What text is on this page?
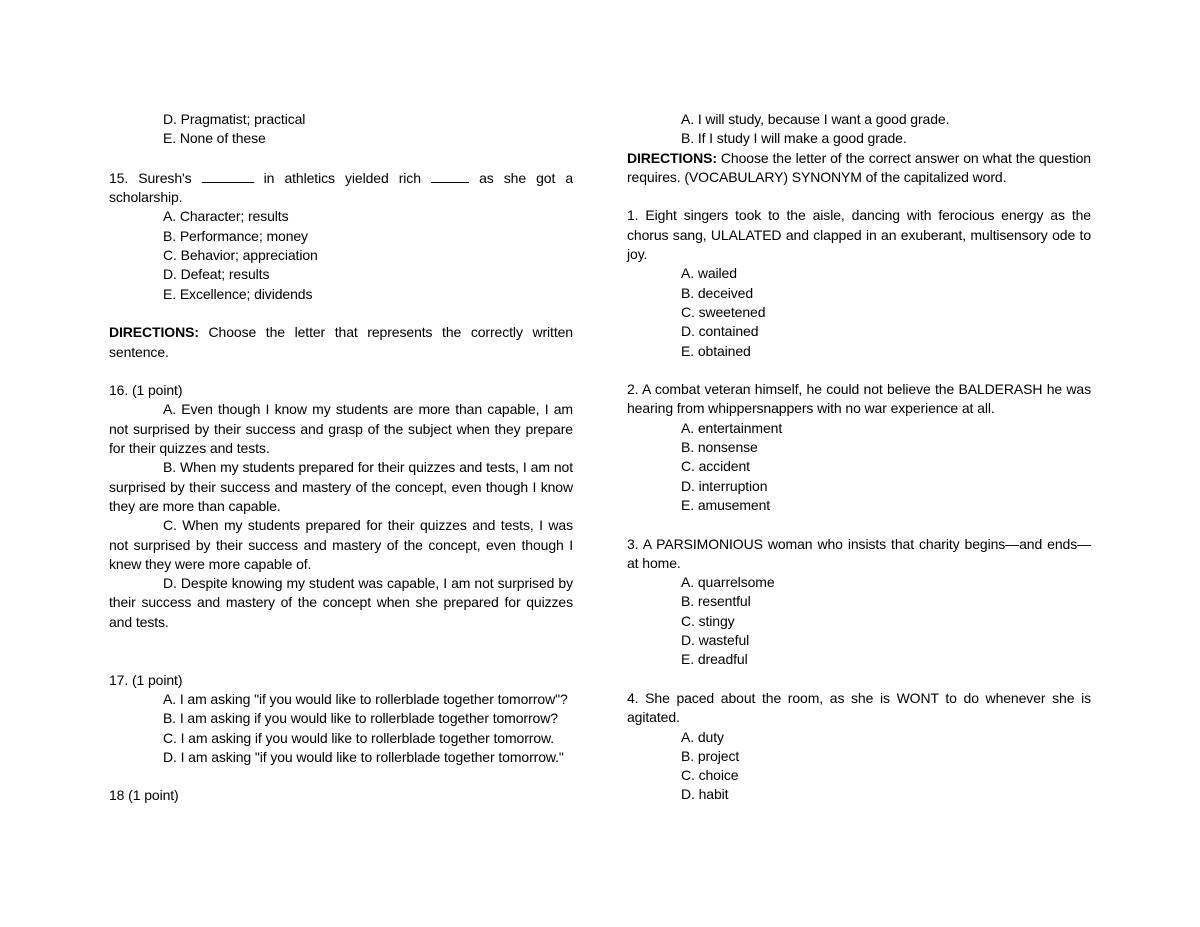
D. Pragmatist; practical
E. None of these
15. Suresh's	in athletics yielded rich	as she got a scholarship.
A. Character; results
B. Performance; money
C. Behavior; appreciation
D. Defeat; results
E. Excellence; dividends
DIRECTIONS: Choose the letter that represents the correctly written sentence.
16. (1 point)
A. Even though I know my students are more than capable, I am not surprised by their success and grasp of the subject when they prepare for their quizzes and tests.
B. When my students prepared for their quizzes and tests, I am not surprised by their success and mastery of the concept, even though I know they are more than capable.
C. When my students prepared for their quizzes and tests, I was not surprised by their success and mastery of the concept, even though I knew they were more capable of.
D. Despite knowing my student was capable, I am not surprised by their success and mastery of the concept when she prepared for quizzes and tests.
17. (1 point)
A. I am asking "if you would like to rollerblade together tomorrow"?
B. I am asking if you would like to rollerblade together tomorrow?
C. I am asking if you would like to rollerblade together tomorrow.
D. I am asking "if you would like to rollerblade together tomorrow."
18 (1 point)
A. I will study, because I want a good grade.
B. If I study I will make a good grade.
DIRECTIONS: Choose the letter of the correct answer on what the question requires. (VOCABULARY) SYNONYM of the capitalized word.
1. Eight singers took to the aisle, dancing with ferocious energy as the chorus sang, ULALATED and clapped in an exuberant, multisensory ode to joy.
A. wailed
B. deceived
C. sweetened
D. contained
E. obtained
2. A combat veteran himself, he could not believe the BALDERASH he was hearing from whippersnappers with no war experience at all.
A. entertainment
B. nonsense
C. accident
D. interruption
E. amusement
3. A PARSIMONIOUS woman who insists that charity begins—and ends—at home.
A. quarrelsome
B. resentful
C. stingy
D. wasteful
E. dreadful
4. She paced about the room, as she is WONT to do whenever she is agitated.
A. duty
B. project
C. choice
D. habit
